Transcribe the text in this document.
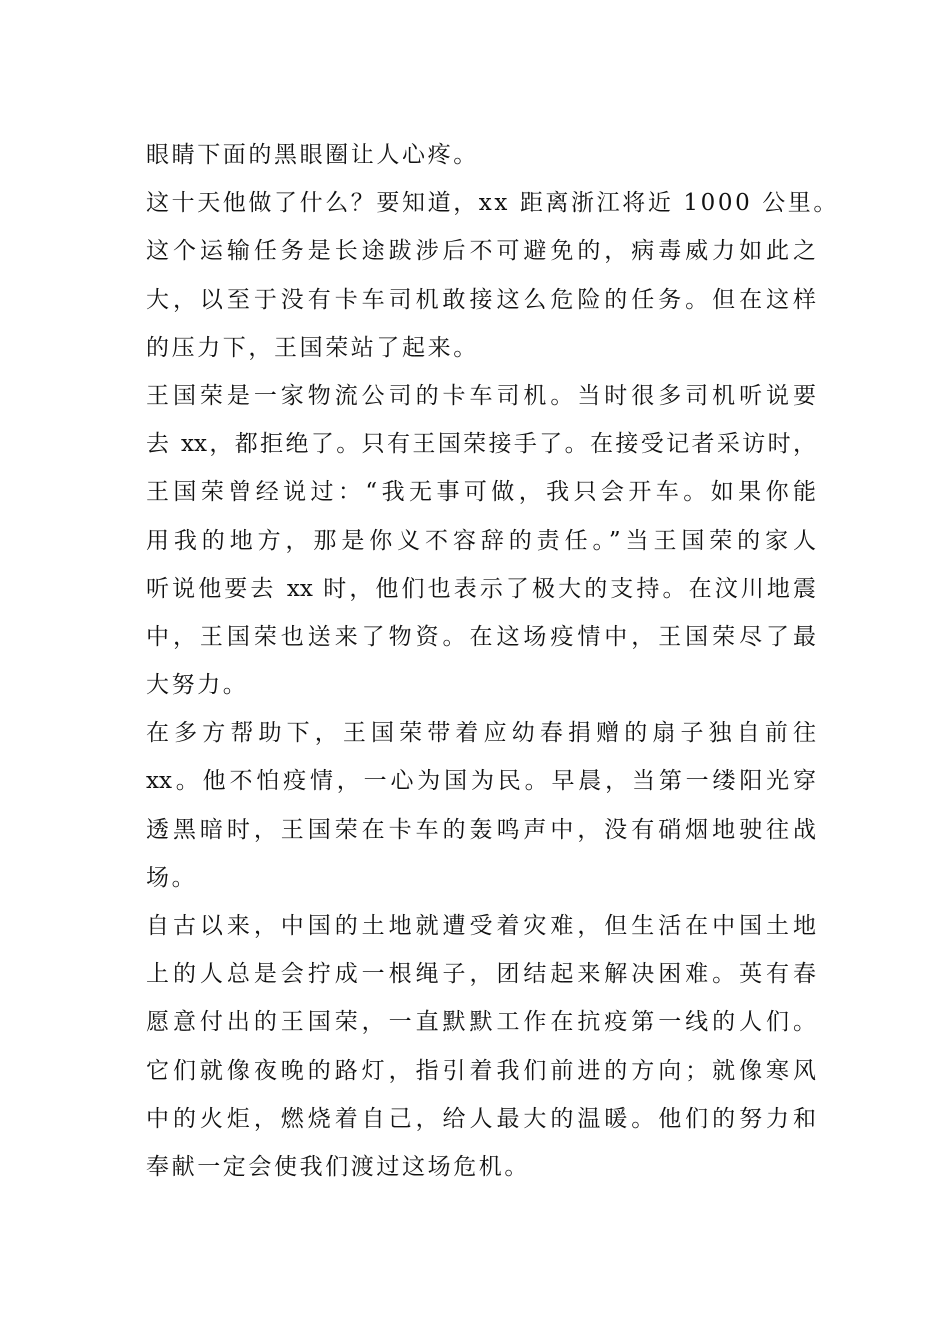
眼睛下面的黑眼圈让人心疼。
这十天他做了什么？要知道，xx 距离浙江将近 1000 公里。
这个运输任务是长途跋涉后不可避免的，病毒威力如此之
大，以至于没有卡车司机敢接这么危险的任务。但在这样
的压力下，王国荣站了起来。
王国荣是一家物流公司的卡车司机。当时很多司机听说要
去 xx，都拒绝了。只有王国荣接手了。在接受记者采访时，
王国荣曾经说过：“我无事可做，我只会开车。如果你能
用我的地方，那是你义不容辞的责任。”当王国荣的家人
听说他要去 xx 时，他们也表示了极大的支持。在汶川地震
中，王国荣也送来了物资。在这场疫情中，王国荣尽了最
大努力。
在多方帮助下，王国荣带着应幼春捐赠的扇子独自前往
xx。他不怕疫情，一心为国为民。早晨，当第一缕阳光穿
透黑暗时，王国荣在卡车的轰鸣声中，没有硝烟地驶往战
场。
自古以来，中国的土地就遭受着灾难，但生活在中国土地
上的人总是会拧成一根绳子，团结起来解决困难。英有春
愿意付出的王国荣，一直默默工作在抗疫第一线的人们。
它们就像夜晚的路灯，指引着我们前进的方向；就像寒风
中的火炬，燃烧着自己，给人最大的温暖。他们的努力和
奉献一定会使我们渡过这场危机。
